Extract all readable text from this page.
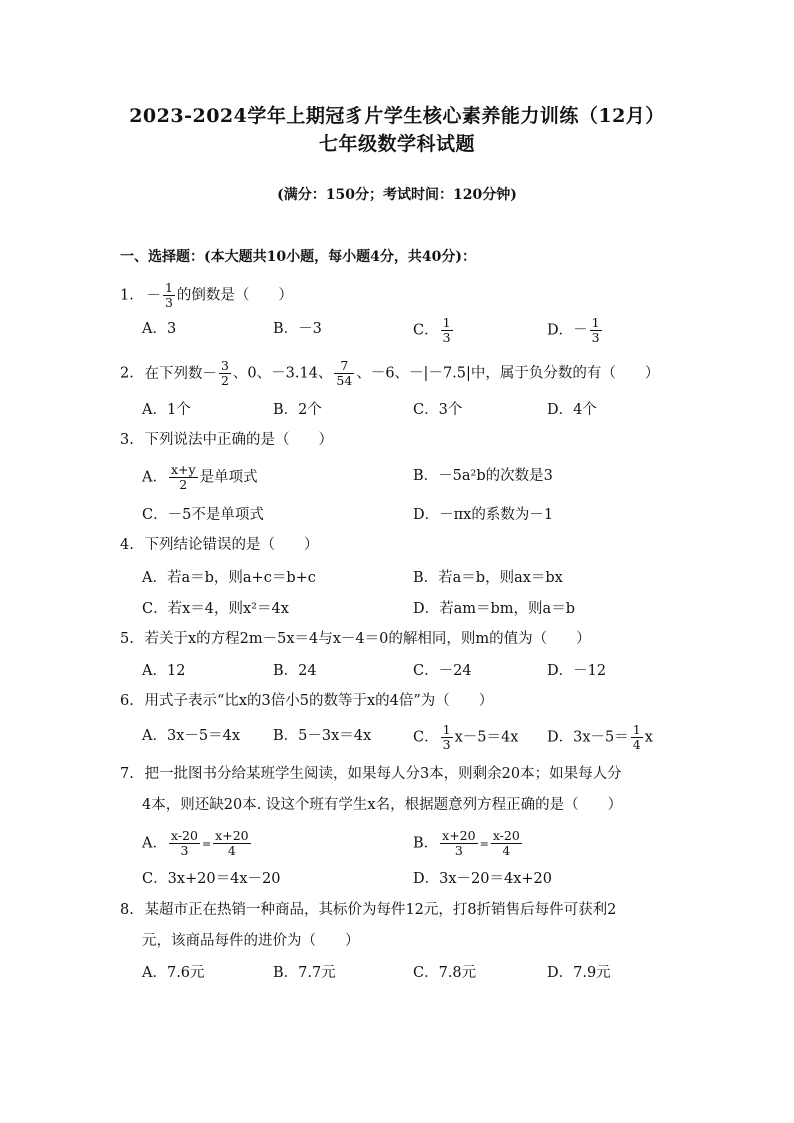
2023-2024学年上期冠豸片学生核心素养能力训练（12月）
七年级数学科试题
(满分：150分；考试时间：120分钟)
一、选择题：(本大题共10小题，每小题4分，共40分)：
1. － $\frac{1}{3}$ 的倒数是（　　）
A．3	B．－3	C． $\frac{1}{3}$	D．－ $\frac{1}{3}$
2. 在下列数－ $\frac{3}{2}$ 、0、－3.14、 $\frac{7}{54}$ 、－6、－|－7.5|中，属于负分数的有（　　）
A．1个	B．2个	C．3个	D．4个
3. 下列说法中正确的是（　　）
A． $\frac{x+y}{2}$ 是单项式	B．－5a²b的次数是3
C．－5不是单项式	D．－πx的系数为－1
4. 下列结论错误的是（　　）
A．若a＝b，则a+c＝b+c	B．若a＝b，则ax＝bx
C．若x＝4，则x²＝4x	D．若am＝bm，则a＝b
5. 若关于x的方程2m－5x＝4与x－4＝0的解相同，则m的值为（　　）
A．12	B．24	C．－24	D．－12
6. 用式子表示“比x的3倍小5的数等于x的4倍”为（　　）
A．3x－5＝4x B．5－3x＝4x	C． $\frac{1}{3} x-5=4x$ D．$3x-5= \frac{1}{4}$ x
7. 把一批图书分给某班学生阅读，如果每人分3本，则剩余20本；如果每人分
4本，则还缺20本. 设这个班有学生x名，根据题意列方程正确的是（　　）
A． $\frac{x-20}{3} = \frac{x+20}{4}$	B． $\frac{x+20}{3} = \frac{x-20}{4}$
C．3x+20＝4x－20	D．3x－20＝4x+20
8. 某超市正在热销一种商品，其标价为每件12元，打8折销售后每件可获利2
元，该商品每件的进价为（　　）
A．7.6元	B．7.7元	C．7.8元	D．7.9元
